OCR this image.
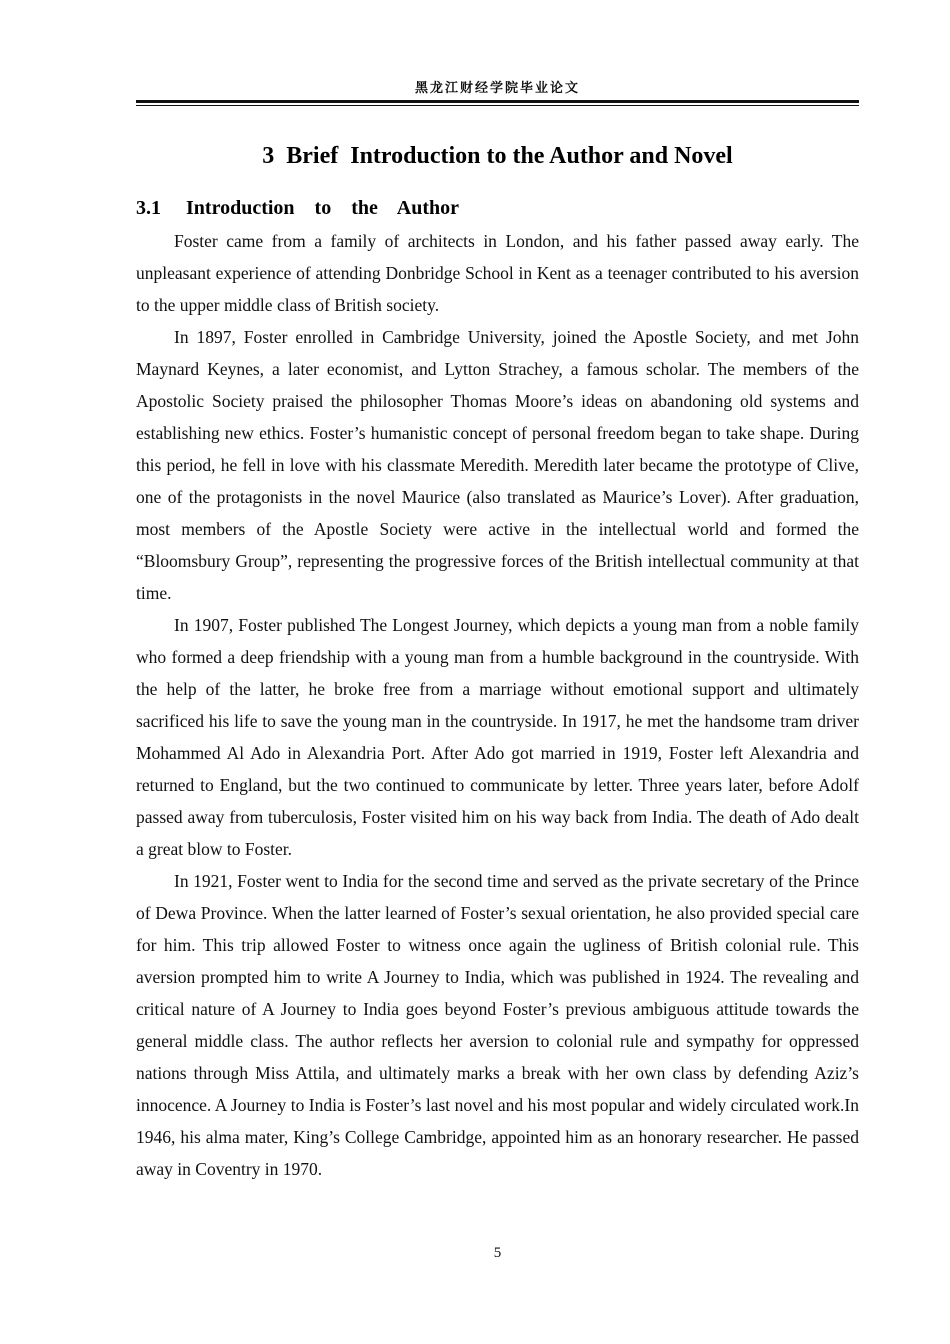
黑龙江财经学院毕业论文
3  Brief  Introduction to the Author and Novel
3.1 Introduction  to  the  Author

Foster came from a family of architects in London, and his father passed away early. The unpleasant experience of attending Donbridge School in Kent as a teenager contributed to his aversion to the upper middle class of British society.

In 1897, Foster enrolled in Cambridge University, joined the Apostle Society, and met John Maynard Keynes, a later economist, and Lytton Strachey, a famous scholar. The members of the Apostolic Society praised the philosopher Thomas Moore’s ideas on abandoning old systems and establishing new ethics. Foster’s humanistic concept of personal freedom began to take shape. During this period, he fell in love with his classmate Meredith. Meredith later became the prototype of Clive, one of the protagonists in the novel Maurice (also translated as Maurice’s Lover). After graduation, most members of the Apostle Society were active in the intellectual world and formed the “Bloomsbury Group”, representing the progressive forces of the British intellectual community at that time.

In 1907, Foster published The Longest Journey, which depicts a young man from a noble family who formed a deep friendship with a young man from a humble background in the countryside. With the help of the latter, he broke free from a marriage without emotional support and ultimately sacrificed his life to save the young man in the countryside. In 1917, he met the handsome tram driver Mohammed Al Ado in Alexandria Port. After Ado got married in 1919, Foster left Alexandria and returned to England, but the two continued to communicate by letter. Three years later, before Adolf passed away from tuberculosis, Foster visited him on his way back from India. The death of Ado dealt a great blow to Foster.

In 1921, Foster went to India for the second time and served as the private secretary of the Prince of Dewa Province. When the latter learned of Foster’s sexual orientation, he also provided special care for him. This trip allowed Foster to witness once again the ugliness of British colonial rule. This aversion prompted him to write A Journey to India, which was published in 1924. The revealing and critical nature of A Journey to India goes beyond Foster’s previous ambiguous attitude towards the general middle class. The author reflects her aversion to colonial rule and sympathy for oppressed nations through Miss Attila, and ultimately marks a break with her own class by defending Aziz’s innocence. A Journey to India is Foster’s last novel and his most popular and widely circulated work.In 1946, his alma mater, King’s College Cambridge, appointed him as an honorary researcher. He passed away in Coventry in 1970.

5
